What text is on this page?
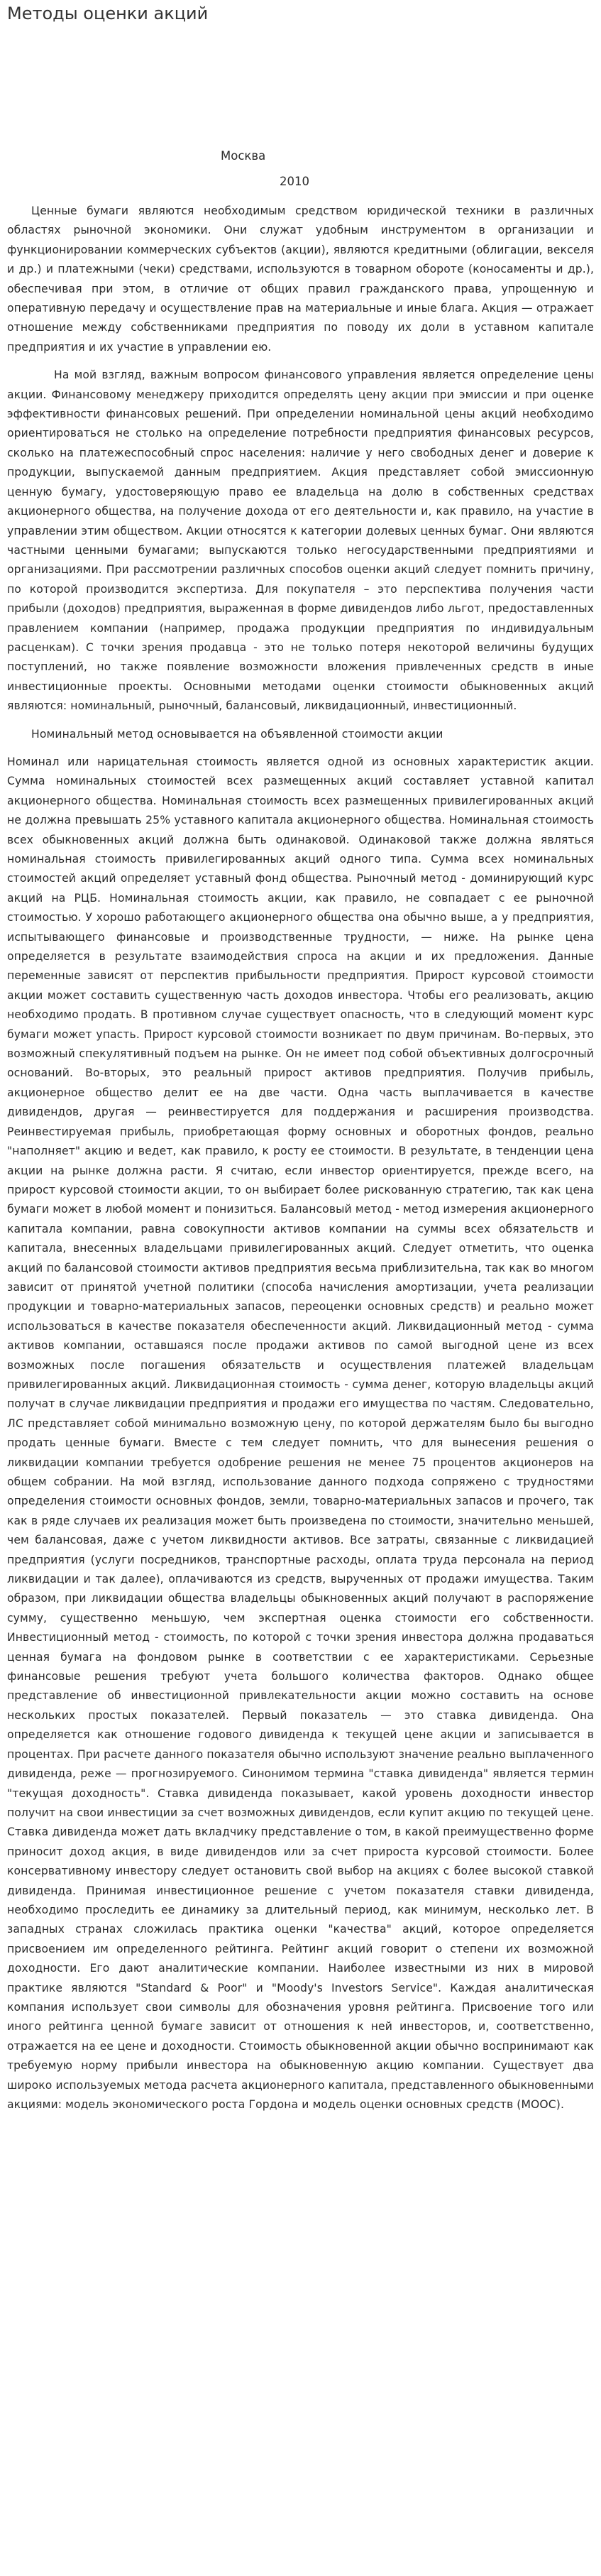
Методы оценки акций
Москва
2010

Ценные бумаги являются необходимым средством юридической техники в различных областях рыночной экономики. Они служат удобным инструментом в организации и функционировании коммерческих субъектов (акции), являются кредитными (облигации, векселя и др.) и платежными (чеки) средствами, используются в товарном обороте (коносаменты и др.), обеспечивая при этом, в отличие от общих правил гражданского права, упрощенную и оперативную передачу и осуществление прав на материальные и иные блага. Акция — отражает отношение между собственниками предприятия по поводу их доли в уставном капитале предприятия и их участие в управлении ею.

На мой взгляд, важным вопросом финансового управления является определение цены акции. Финансовому менеджеру приходится определять цену акции при эмиссии и при оценке эффективности финансовых решений. При определении номинальной цены акций необходимо ориентироваться не столько на определение потребности предприятия финансовых ресурсов, сколько на платежеспособный спрос населения: наличие у него свободных денег и доверие к продукции, выпускаемой данным предприятием. Акция представляет собой эмиссионную ценную бумагу, удостоверяющую право ее владельца на долю в собственных средствах акционерного общества, на получение дохода от его деятельности и, как правило, на участие в управлении этим обществом. Акции относятся к категории долевых ценных бумаг. Они являются частными ценными бумагами; выпускаются только негосударственными предприятиями и организациями. При рассмотрении различных способов оценки акций следует помнить причину, по которой производится экспертиза. Для покупателя – это перспектива получения части прибыли (доходов) предприятия, выраженная в форме дивидендов либо льгот, предоставленных правлением компании (например, продажа продукции предприятия по индивидуальным расценкам). С точки зрения продавца - это не только потеря некоторой величины будущих поступлений, но также появление возможности вложения привлеченных средств в иные инвестиционные проекты. Основными методами оценки стоимости обыкновенных акций являются: номинальный, рыночный, балансовый, ликвидационный, инвестиционный.

Номинальный метод основывается на объявленной стоимости акции

Номинал или нарицательная стоимость является одной из основных характеристик акции. Сумма номинальных стоимостей всех размещенных акций составляет уставной капитал акционерного общества. Номинальная стоимость всех размещенных привилегированных акций не должна превышать 25% уставного капитала акционерного общества. Номинальная стоимость всех обыкновенных акций должна быть одинаковой. Одинаковой также должна являться номинальная стоимость привилегированных акций одного типа. Сумма всех номинальных стоимостей акций определяет уставный фонд общества. Рыночный метод - доминирующий курс акций на РЦБ. Номинальная стоимость акции, как правило, не совпадает с ее рыночной стоимостью. У хорошо работающего акционерного общества она обычно выше, а у предприятия, испытывающего финансовые и производственные трудности, — ниже. На рынке цена определяется в результате взаимодействия спроса на акции и их предложения. Данные переменные зависят от перспектив прибыльности предприятия. Прирост курсовой стоимости акции может составить существенную часть доходов инвестора. Чтобы его реализовать, акцию необходимо продать. В противном случае существует опасность, что в следующий момент курс бумаги может упасть. Прирост курсовой стоимости возникает по двум причинам. Во-первых, это возможный спекулятивный подъем на рынке. Он не имеет под собой объективных долгосрочный оснований. Во-вторых, это реальный прирост активов предприятия. Получив прибыль, акционерное общество делит ее на две части. Одна часть выплачивается в качестве дивидендов, другая — реинвестируется для поддержания и расширения производства. Реинвестируемая прибыль, приобретающая форму основных и оборотных фондов, реально "наполняет" акцию и ведет, как правило, к росту ее стоимости. В результате, в тенденции цена акции на рынке должна расти. Я считаю, если инвестор ориентируется, прежде всего, на прирост курсовой стоимости акции, то он выбирает более рискованную стратегию, так как цена бумаги может в любой момент и понизиться. Балансовый метод - метод измерения акционерного капитала компании, равна совокупности активов компании на суммы всех обязательств и капитала, внесенных владельцами привилегированных акций. Следует отметить, что оценка акций по балансовой стоимости активов предприятия весьма приблизительна, так как во многом зависит от принятой учетной политики (способа начисления амортизации, учета реализации продукции и товарно-материальных запасов, переоценки основных средств) и реально может использоваться в качестве показателя обеспеченности акций. Ликвидационный метод - сумма активов компании, оставшаяся после продажи активов по самой выгодной цене из всех возможных после погашения обязательств и осуществления платежей владельцам привилегированных акций. Ликвидационная стоимость - сумма денег, которую владельцы акций получат в случае ликвидации предприятия и продажи его имущества по частям. Следовательно, ЛС представляет собой минимально возможную цену, по которой держателям было бы выгодно продать ценные бумаги. Вместе с тем следует помнить, что для вынесения решения о ликвидации компании требуется одобрение решения не менее 75 процентов акционеров на общем собрании. На мой взгляд, использование данного подхода сопряжено с трудностями определения стоимости основных фондов, земли, товарно-материальных запасов и прочего, так как в ряде случаев их реализация может быть произведена по стоимости, значительно меньшей, чем балансовая, даже с учетом ликвидности активов. Все затраты, связанные с ликвидацией предприятия (услуги посредников, транспортные расходы, оплата труда персонала на период ликвидации и так далее), оплачиваются из средств, вырученных от продажи имущества. Таким образом, при ликвидации общества владельцы обыкновенных акций получают в распоряжение сумму, существенно меньшую, чем экспертная оценка стоимости его собственности. Инвестиционный метод - стоимость, по которой с точки зрения инвестора должна продаваться ценная бумага на фондовом рынке в соответствии с ее характеристиками. Серьезные финансовые решения требуют учета большого количества факторов. Однако общее представление об инвестиционной привлекательности акции можно составить на основе нескольких простых показателей. Первый показатель — это ставка дивиденда. Она определяется как отношение годового дивиденда к текущей цене акции и записывается в процентах. При расчете данного показателя обычно используют значение реально выплаченного дивиденда, реже — прогнозируемого. Синонимом термина "ставка дивиденда" является термин "текущая доходность". Ставка дивиденда показывает, какой уровень доходности инвестор получит на свои инвестиции за счет возможных дивидендов, если купит акцию по текущей цене. Ставка дивиденда может дать вкладчику представление о том, в какой преимущественно форме приносит доход акция, в виде дивидендов или за счет прироста курсовой стоимости. Более консервативному инвестору следует остановить свой выбор на акциях с более высокой ставкой дивиденда. Принимая инвестиционное решение с учетом показателя ставки дивиденда, необходимо проследить ее динамику за длительный период, как минимум, несколько лет. В западных странах сложилась практика оценки "качества" акций, которое определяется присвоением им определенного рейтинга. Рейтинг акций говорит о степени их возможной доходности. Его дают аналитические компании. Наиболее известными из них в мировой практике являются "Standard & Poor" и "Moody's Investors Service". Каждая аналитическая компания использует свои символы для обозначения уровня рейтинга. Присвоение того или иного рейтинга ценной бумаге зависит от отношения к ней инвесторов, и, соответственно, отражается на ее цене и доходности. Стоимость обыкновенной акции обычно воспринимают как требуемую норму прибыли инвестора на обыкновенную акцию компании. Существует два широко используемых метода расчета акционерного капитала, представленного обыкновенными акциями: модель экономического роста Гордона и модель оценки основных средств (МООС).
